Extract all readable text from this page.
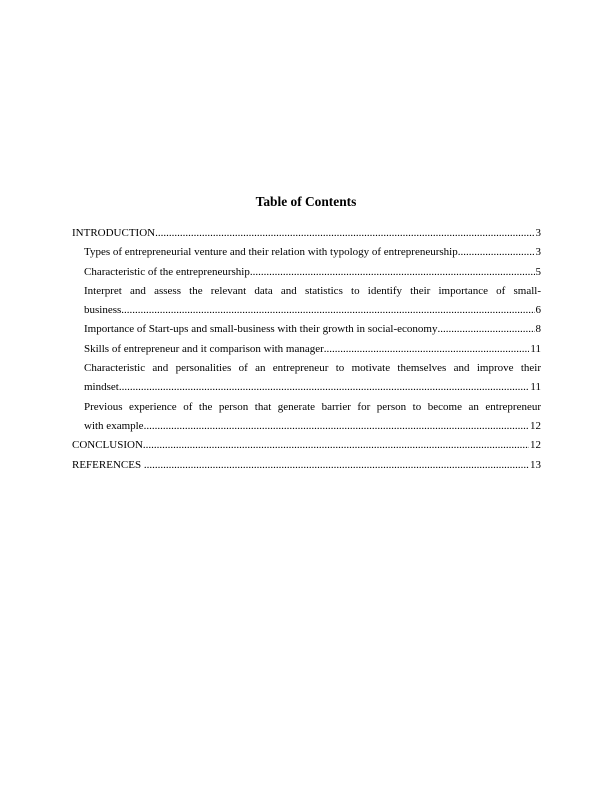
Table of Contents
INTRODUCTION .....	3
Types of entrepreneurial venture and their relation with typology of entrepreneurship .....	3
Characteristic of the entrepreneurship .....	5
Interpret and assess the relevant data and statistics to identify their importance of small-
business .....	6
Importance of Start-ups and small-business with their growth in social-economy .....	8
Skills of entrepreneur and it comparison with manager .....	11
Characteristic and personalities of an entrepreneur to motivate themselves and improve their
mindset .....	11
Previous experience of the person that generate barrier for person to become an entrepreneur
with example .....	12
CONCLUSION .....	12
REFERENCES .....	13
